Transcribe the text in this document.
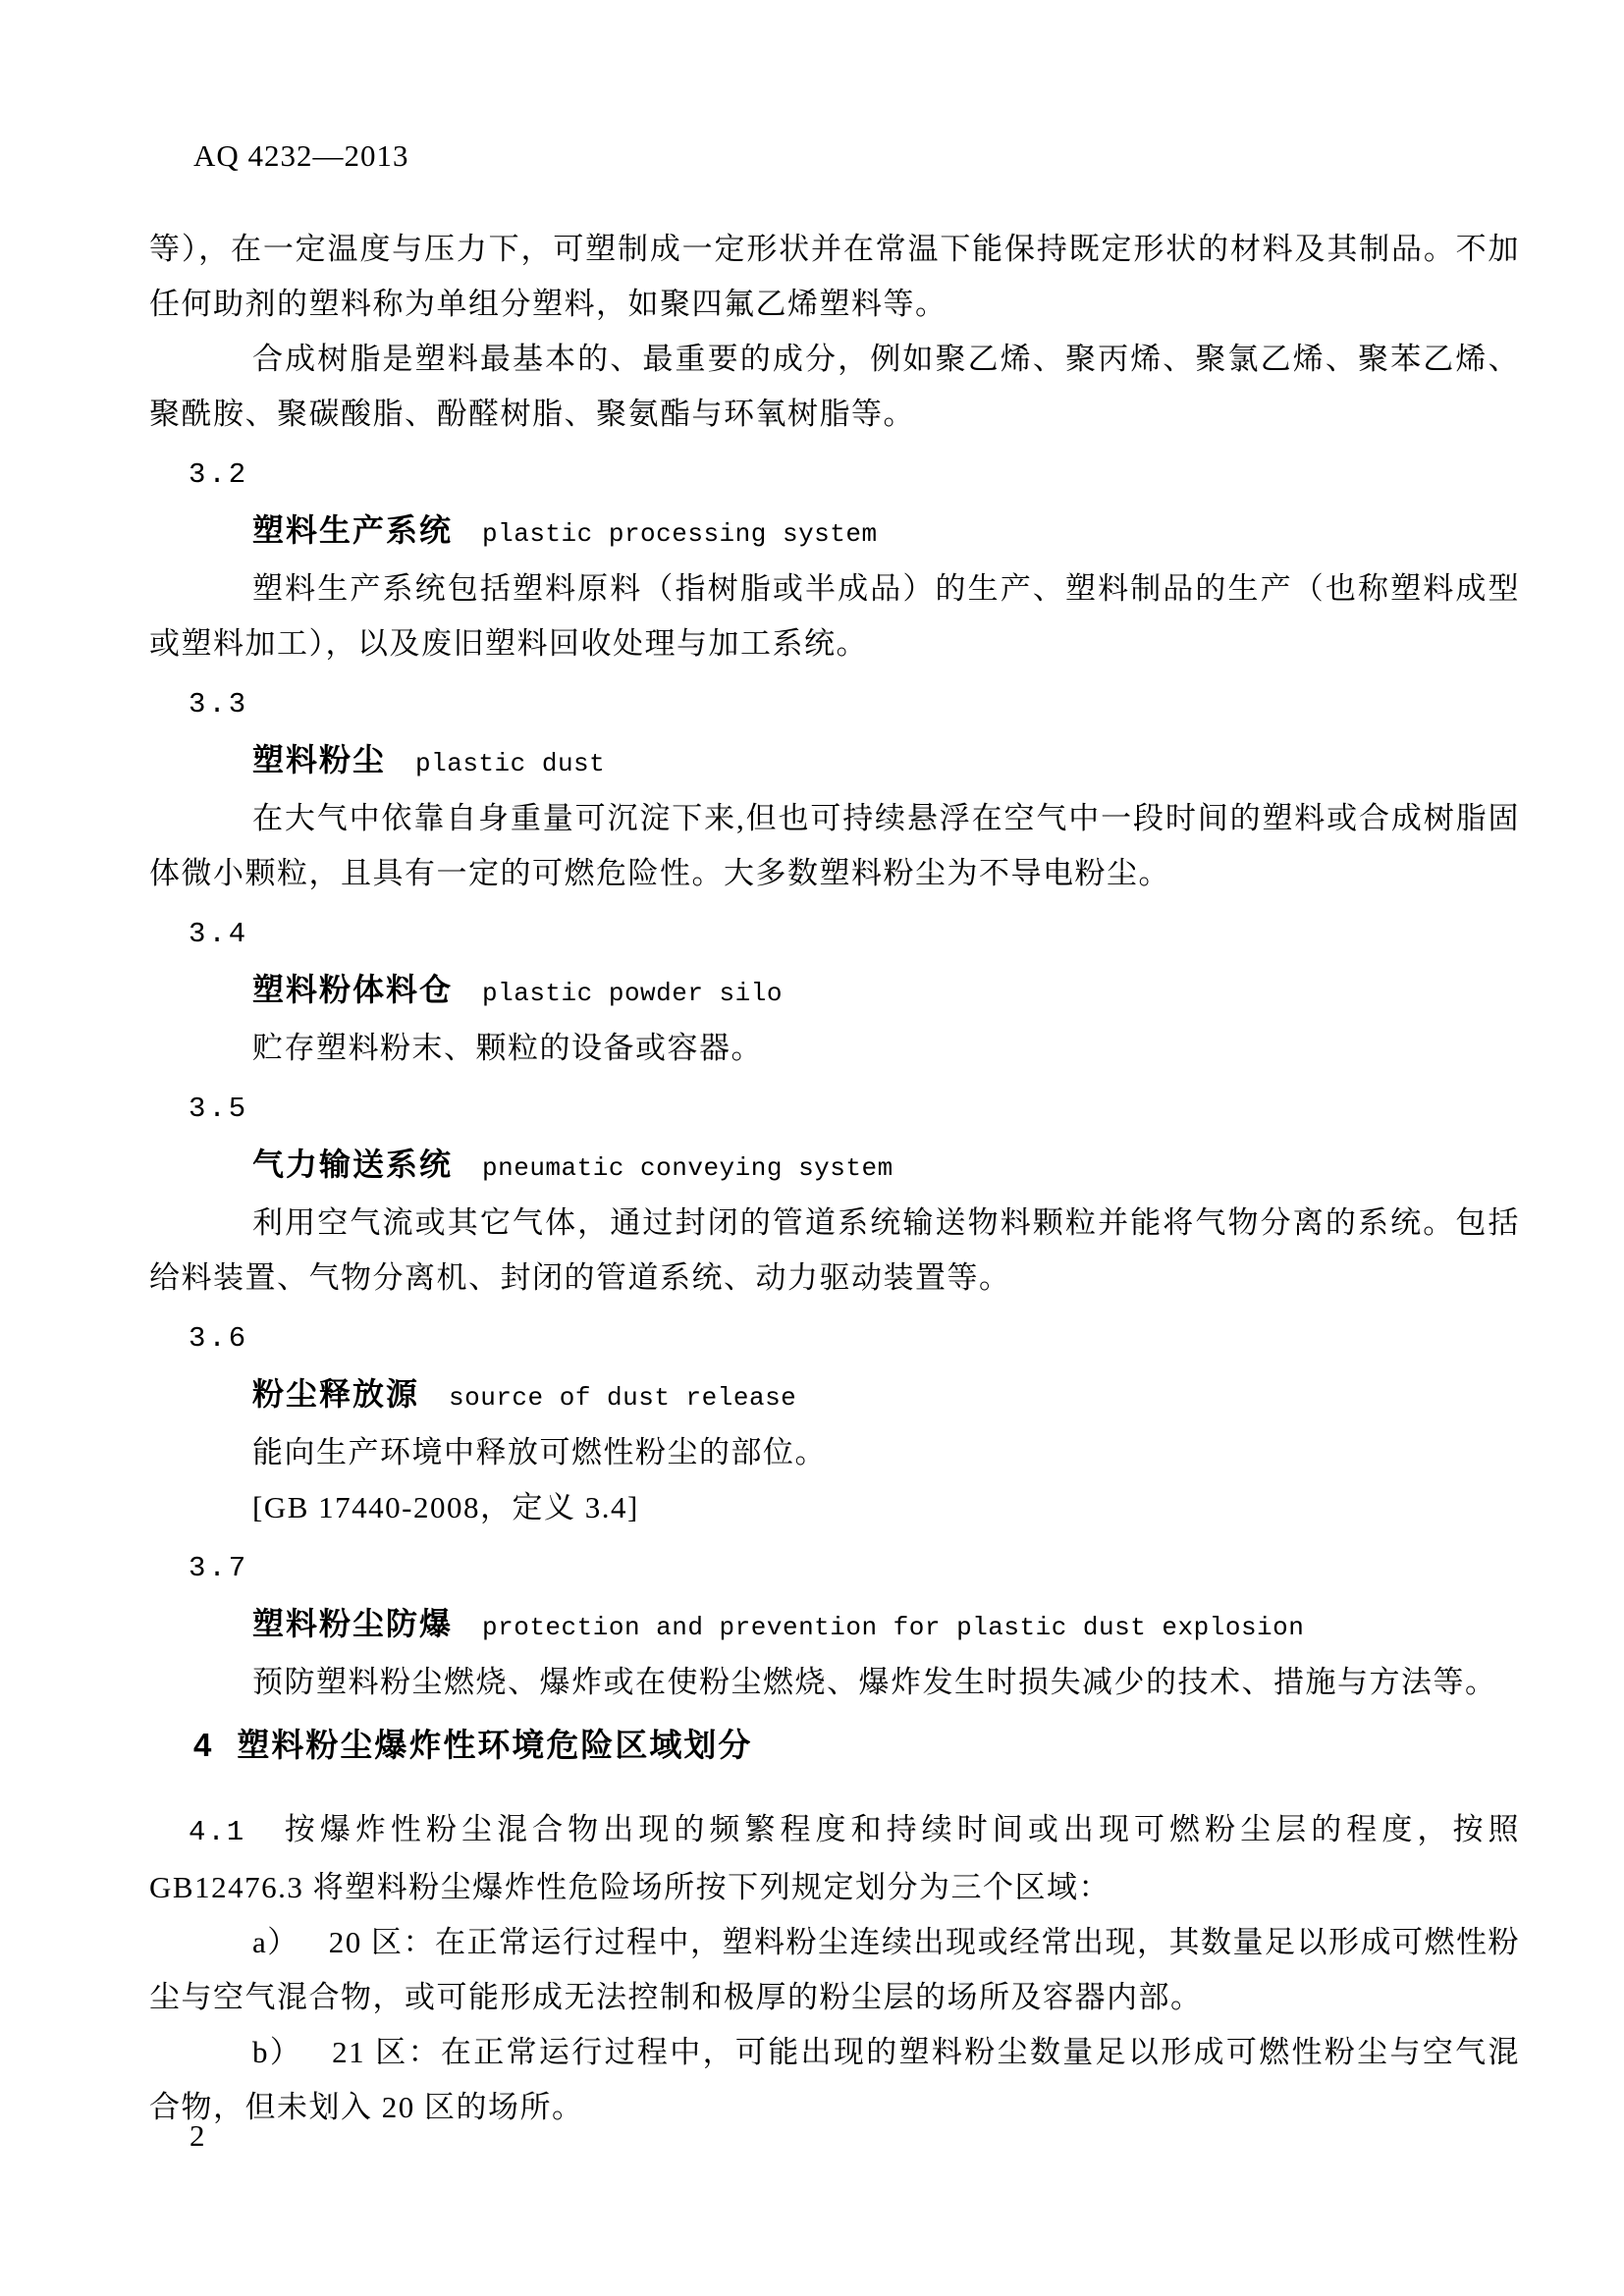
AQ 4232—2013

等），在一定温度与压力下，可塑制成一定形状并在常温下能保持既定形状的材料及其制品。不加任何助剂的塑料称为单组分塑料，如聚四氟乙烯塑料等。

合成树脂是塑料最基本的、最重要的成分，例如聚乙烯、聚丙烯、聚氯乙烯、聚苯乙烯、聚酰胺、聚碳酸脂、酚醛树脂、聚氨酯与环氧树脂等。

3.2

塑料生产系统 plastic processing system

塑料生产系统包括塑料原料（指树脂或半成品）的生产、塑料制品的生产（也称塑料成型或塑料加工），以及废旧塑料回收处理与加工系统。

3.3

塑料粉尘 plastic dust

在大气中依靠自身重量可沉淀下来,但也可持续悬浮在空气中一段时间的塑料或合成树脂固体微小颗粒，且具有一定的可燃危险性。大多数塑料粉尘为不导电粉尘。

3.4

塑料粉体料仓 plastic powder silo

贮存塑料粉末、颗粒的设备或容器。

3.5

气力输送系统 pneumatic conveying system

利用空气流或其它气体，通过封闭的管道系统输送物料颗粒并能将气物分离的系统。包括给料装置、气物分离机、封闭的管道系统、动力驱动装置等。

3.6

粉尘释放源 source of dust release

能向生产环境中释放可燃性粉尘的部位。

[GB 17440-2008，定义 3.4]

3.7

塑料粉尘防爆 protection and prevention for plastic dust explosion

预防塑料粉尘燃烧、爆炸或在使粉尘燃烧、爆炸发生时损失减少的技术、措施与方法等。

4 塑料粉尘爆炸性环境危险区域划分

4.1 按爆炸性粉尘混合物出现的频繁程度和持续时间或出现可燃粉尘层的程度，按照 GB12476.3 将塑料粉尘爆炸性危险场所按下列规定划分为三个区域：

a） 20 区：在正常运行过程中，塑料粉尘连续出现或经常出现，其数量足以形成可燃性粉尘与空气混合物，或可能形成无法控制和极厚的粉尘层的场所及容器内部。

b） 21 区：在正常运行过程中，可能出现的塑料粉尘数量足以形成可燃性粉尘与空气混合物，但未划入 20 区的场所。

2
